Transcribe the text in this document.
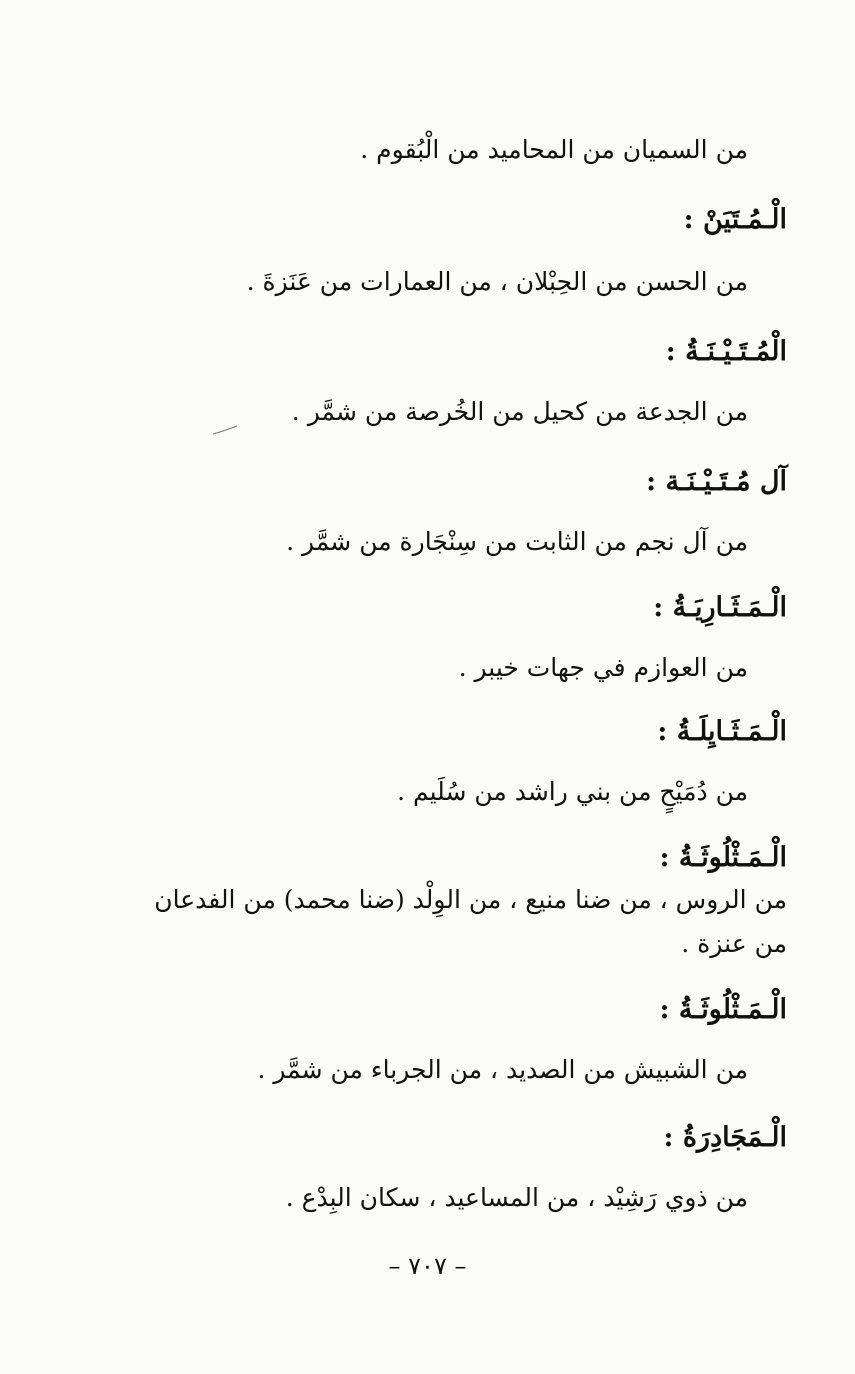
من السميان من المحاميد من الْبُقوم .
الْـمُـتَيَنْ :
من الحسن من الحِبْلان ، من العمارات من عَنَزةَ .
الْمُـتَـيْـنَـةُ :
من الجدعة من كحيل من الخُرصة من شمَّر .
آل مُـتَـيْـنَـة :
من آل نجم من الثابت من سِنْجَارة من شمَّر .
الْـمَـثَـارِيَـةُ :
من العوازم في جهات خيبر .
الْـمَـثَـايِلَـةُ :
من دُمَيْحٍ من بني راشد من سُلَيم .
الْـمَـثْلُوثَـةُ :
من الروس ، من ضنا منيع ، من الوِلْد (ضنا محمد) من الفدعان
من عنزة .
الْـمَـثْلُوثَـةُ :
من الشبيش من الصديد ، من الجرباء من شمَّر .
الْـمَجَادِرَةُ :
من ذوي رَشِيْد ، من المساعيد ، سكان البِدْع .
– ٧٠٧ –
